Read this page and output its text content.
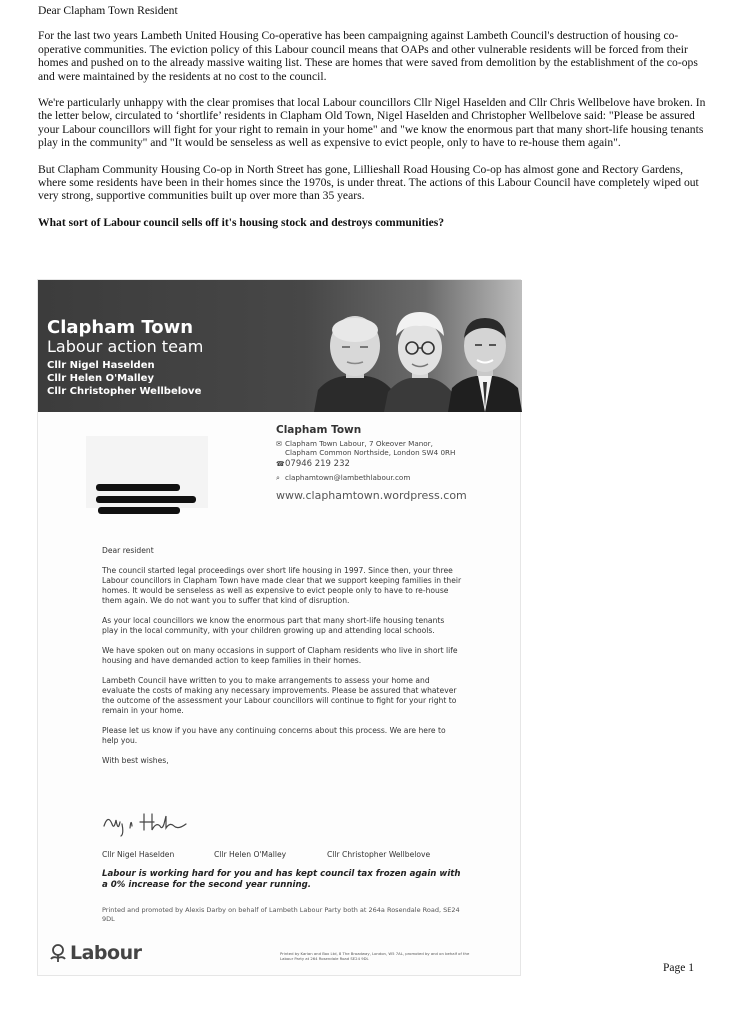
Dear Clapham Town Resident

For the last two years Lambeth United Housing Co-operative has been campaigning against Lambeth Council's destruction of housing co-operative communities. The eviction policy of this Labour council means that OAPs and other vulnerable residents will be forced from their homes and pushed on to the already massive waiting list. These are homes that were saved from demolition by the establishment of the co-ops and were maintained by the residents at no cost to the council.

We're particularly unhappy with the clear promises that local Labour councillors Cllr Nigel Haselden and Cllr Chris Wellbelove have broken. In the letter below, circulated to ‘shortlife’ residents in Clapham Old Town, Nigel Haselden and Christopher Wellbelove said: "Please be assured your Labour councillors will fight for your right to remain in your home" and "we know the enormous part that many short-life housing tenants play in the community" and "It would be senseless as well as expensive to evict people, only to have to re-house them again".

But Clapham Community Housing Co-op in North Street has gone, Lillieshall Road Housing Co-op has almost gone and Rectory Gardens, where some residents have been in their homes since the 1970s, is under threat. The actions of this Labour Council have completely wiped out very strong, supportive communities built up over more than 35 years.

What sort of Labour council sells off it's housing stock and destroys communities?

Clapham Town
Labour action team
Cllr Nigel Haselden
Cllr Helen O'Malley
Cllr Christopher Wellbelove
Clapham Town
✉ Clapham Town Labour, 7 Okeover Manor,
Clapham Common Northside, London SW4 0RH
☎07946 219 232
⌕ claphamtown@lambethlabour.com
www.claphamtown.wordpress.com

Dear resident

The council started legal proceedings over short life housing in 1997. Since then, your three Labour councillors in Clapham Town have made clear that we support keeping families in their homes. It would be senseless as well as expensive to evict people only to have to re-house them again. We do not want you to suffer that kind of disruption.

As your local councillors we know the enormous part that many short-life housing tenants play in the local community, with your children growing up and attending local schools.

We have spoken out on many occasions in support of Clapham residents who live in short life housing and have demanded action to keep families in their homes.

Lambeth Council have written to you to make arrangements to assess your home and evaluate the costs of making any necessary improvements. Please be assured that whatever the outcome of the assessment your Labour councillors will continue to fight for your right to remain in your home.

Please let us know if you have any continuing concerns about this process. We are here to help you.

With best wishes,

Cllr Nigel Haselden	Cllr Helen O'Malley	Cllr Christopher Wellbelove
Labour is working hard for you and has kept council tax frozen again with a 0% increase for the second year running.
Printed and promoted by Alexis Darby on behalf of Lambeth Labour Party both at 264a Rosendale Road, SE24 9DL
Labour	Printed by Karian and Box Ltd, 8 The Broadway, London, W5 7AL, promoted by and on behalf of the Labour Party at 264 Rosendale Road SE24 9DL
Page 1
